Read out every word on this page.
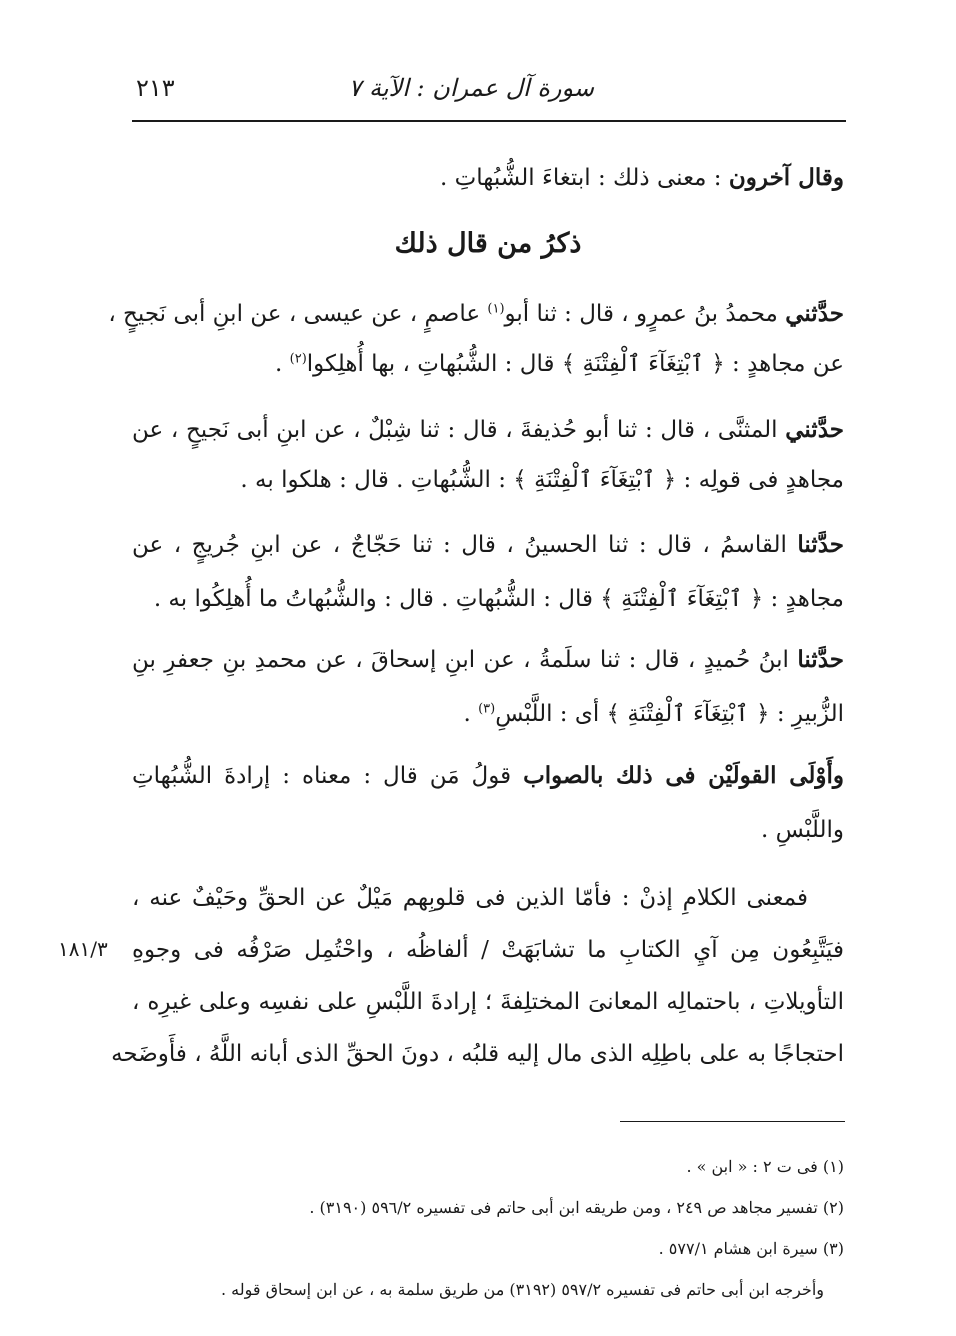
سورة آل عمران : الآية ٧
٢١٣
وقال آخرون : معنى ذلك : ابتغاءَ الشُّبُهاتِ .
ذكرُ من قال ذلك
حدَّثني محمدُ بنُ عمرٍو ، قال : ثنا أبو$^{(١)}$ عاصمٍ ، عن عيسى ، عن ابنِ أبى نَجيحٍ ،
عن مجاهدٍ : ﴿ ٱبْتِغَآءَ ٱلْفِتْنَةِ ﴾ قال : الشُّبُهاتِ ، بها أُهلِكوا$^{(٢)}$ .
حدَّثني المثنَّى ، قال : ثنا أبو حُذيفةَ ، قال : ثنا شِبْلٌ ، عن ابنِ أبى نَجيحٍ ، عن
مجاهدٍ فى قولِه : ﴿ ٱبْتِغَآءَ ٱلْفِتْنَةِ ﴾ : الشُّبُهاتِ . قال : هلكوا به .
حدَّثنا القاسمُ ، قال : ثنا الحسينُ ، قال : ثنا حَجّاجٌ ، عن ابنِ جُريجٍ ، عن
مجاهدٍ : ﴿ ٱبْتِغَآءَ ٱلْفِتْنَةِ ﴾ قال : الشُّبُهاتِ . قال : والشُّبُهاتُ ما أُهلِكُوا به .
حدَّثنا ابنُ حُميدٍ ، قال : ثنا سلَمةُ ، عن ابنِ إسحاقَ ، عن محمدِ بنِ جعفرِ بنِ
الزُّبيرِ : ﴿ ٱبْتِغَآءَ ٱلْفِتْنَةِ ﴾ أى : اللَّبْسِ$^{(٣)}$ .
وأَوْلَى القولَيْن فى ذلك بالصواب قولُ مَن قال : معناه : إرادةَ الشُّبُهاتِ
واللَّبْسِ .
فمعنى الكلامِ إذنْ : فأمّا الذين فى قلوبِهم مَيْلٌ عن الحقِّ وحَيْفٌ عنه ،
فيَتَّبِعُون مِن آيِ الكتابِ ما تشابَهَتْ / ألفاظُه ، واحْتُمِل صَرْفُه فى وجوهِ
التأويلاتِ ، باحتمالِه المعانىَ المختلِفةَ ؛ إرادةَ اللَّبْسِ على نفسِه وعلى غيرِه ،
احتجاجًا به على باطِلِه الذى مال إليه قلبُه ، دونَ الحقِّ الذى أبانه اللَّهُ ، فأَوضَحه
١٨١/٣
(١) فى ت ٢ : « ابن » .
(٢) تفسير مجاهد ص ٢٤٩ ، ومن طريقه ابن أبى حاتم فى تفسيره ٥٩٦/٢ (٣١٩٠) .
(٣) سيرة ابن هشام ٥٧٧/١ .
وأخرجه ابن أبى حاتم فى تفسيره ٥٩٧/٢ (٣١٩٢) من طريق سلمة به ، عن ابن إسحاق قوله .
